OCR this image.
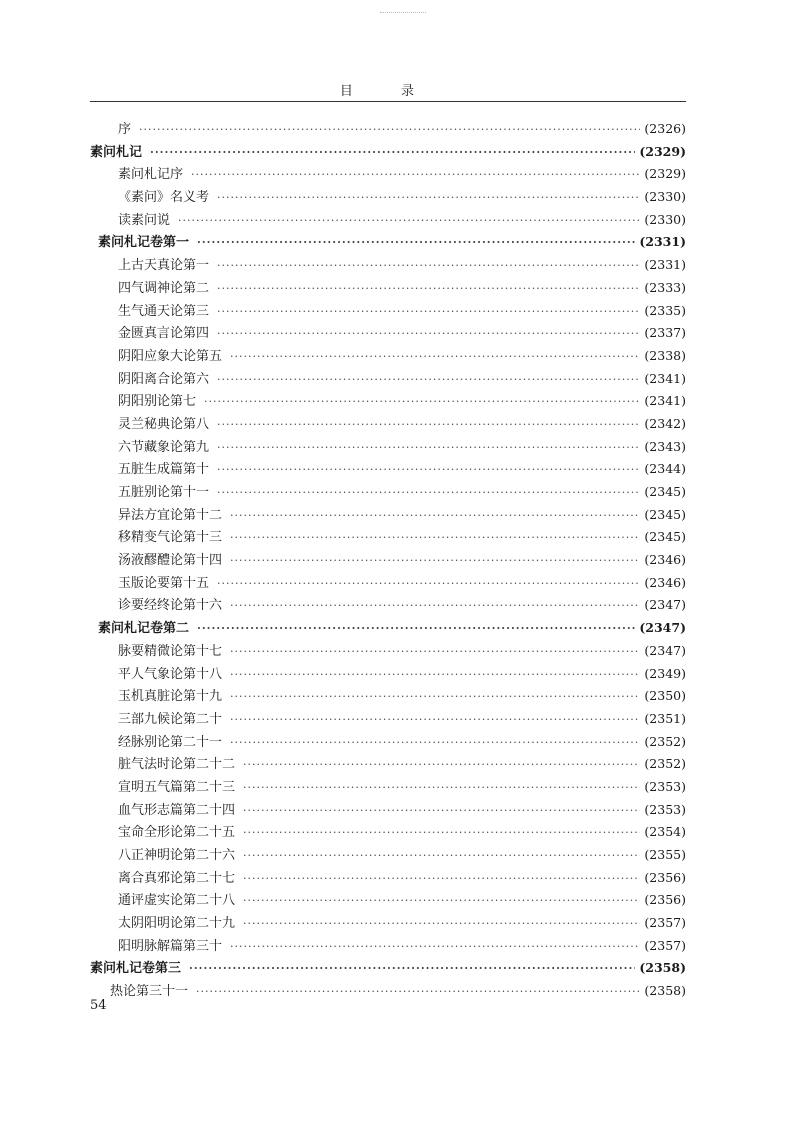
目 录
序 ·····	(2326)
素问札记 ·····	(2329)
素问札记序 ·····	(2329)
《素问》名义考 ·····	(2330)
读素问说 ·····	(2330)
素问札记卷第一 ·····	(2331)
上古天真论第一 ·····	(2331)
四气调神论第二 ·····	(2333)
生气通天论第三 ·····	(2335)
金匮真言论第四 ·····	(2337)
阴阳应象大论第五 ·····	(2338)
阴阳离合论第六 ·····	(2341)
阴阳别论第七 ·····	(2341)
灵兰秘典论第八 ·····	(2342)
六节藏象论第九 ·····	(2343)
五脏生成篇第十 ·····	(2344)
五脏别论第十一 ·····	(2345)
异法方宜论第十二 ·····	(2345)
移精变气论第十三 ·····	(2345)
汤液醪醴论第十四 ·····	(2346)
玉版论要第十五 ·····	(2346)
诊要经终论第十六 ·····	(2347)
素问札记卷第二 ·····	(2347)
脉要精微论第十七 ·····	(2347)
平人气象论第十八 ·····	(2349)
玉机真脏论第十九 ·····	(2350)
三部九候论第二十 ·····	(2351)
经脉别论第二十一 ·····	(2352)
脏气法时论第二十二 ·····	(2352)
宣明五气篇第二十三 ·····	(2353)
血气形志篇第二十四 ·····	(2353)
宝命全形论第二十五 ·····	(2354)
八正神明论第二十六 ·····	(2355)
离合真邪论第二十七 ·····	(2356)
通评虚实论第二十八 ·····	(2356)
太阴阳明论第二十九 ·····	(2357)
阳明脉解篇第三十 ·····	(2357)
素问札记卷第三 ·····	(2358)
热论第三十一 ·····	(2358)
54
